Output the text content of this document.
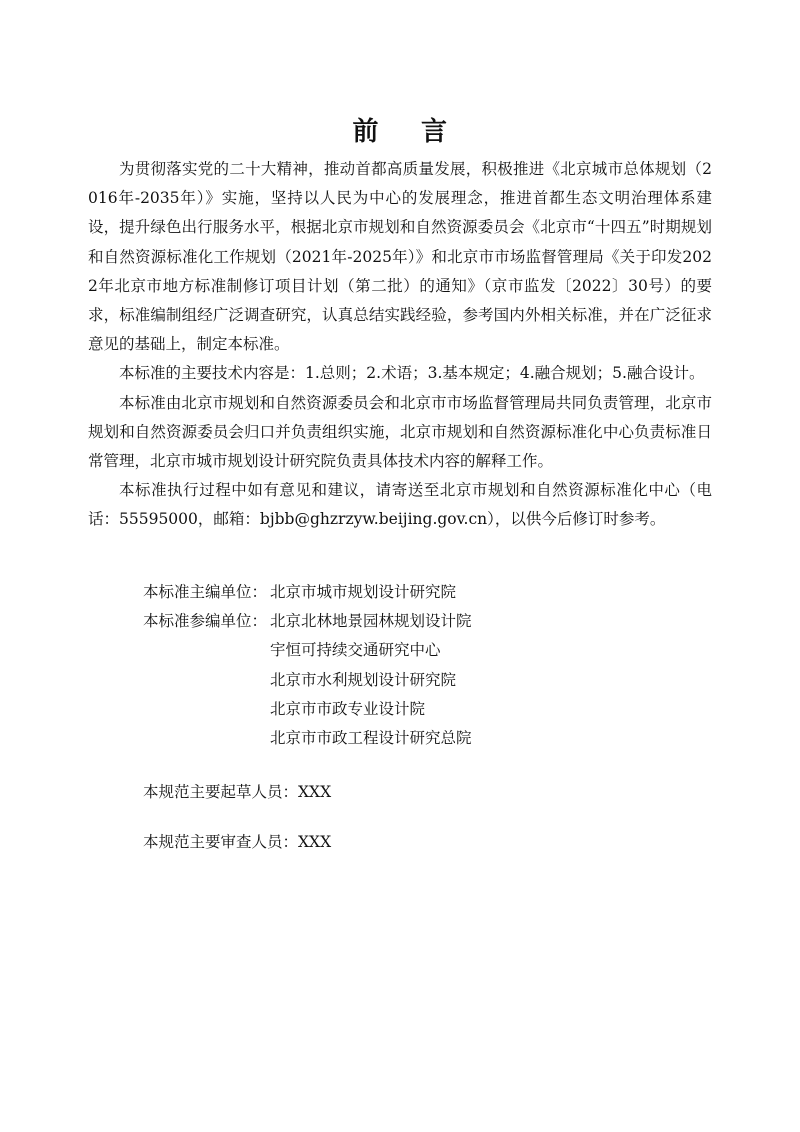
前 言

为贯彻落实党的二十大精神，推动首都高质量发展，积极推进《北京城市总体规划（2016年-2035年）》实施，坚持以人民为中心的发展理念，推进首都生态文明治理体系建设，提升绿色出行服务水平，根据北京市规划和自然资源委员会《北京市“十四五”时期规划和自然资源标准化工作规划（2021年-2025年）》和北京市市场监督管理局《关于印发2022年北京市地方标准制修订项目计划（第二批）的通知》（京市监发〔2022〕30号）的要求，标准编制组经广泛调查研究，认真总结实践经验，参考国内外相关标准，并在广泛征求意见的基础上，制定本标准。

本标准的主要技术内容是：1.总则；2.术语；3.基本规定；4.融合规划；5.融合设计。

本标准由北京市规划和自然资源委员会和北京市市场监督管理局共同负责管理，北京市规划和自然资源委员会归口并负责组织实施，北京市规划和自然资源标准化中心负责标准日常管理，北京市城市规划设计研究院负责具体技术内容的解释工作。

本标准执行过程中如有意见和建议，请寄送至北京市规划和自然资源标准化中心（电话：55595000，邮箱：bjbb@ghzrzyw.beijing.gov.cn），以供今后修订时参考。

本标准主编单位： 北京市城市规划设计研究院
本标准参编单位： 北京北林地景园林规划设计院
宇恒可持续交通研究中心
北京市水利规划设计研究院
北京市市政专业设计院
北京市市政工程设计研究总院
本规范主要起草人员：XXX
本规范主要审查人员：XXX
